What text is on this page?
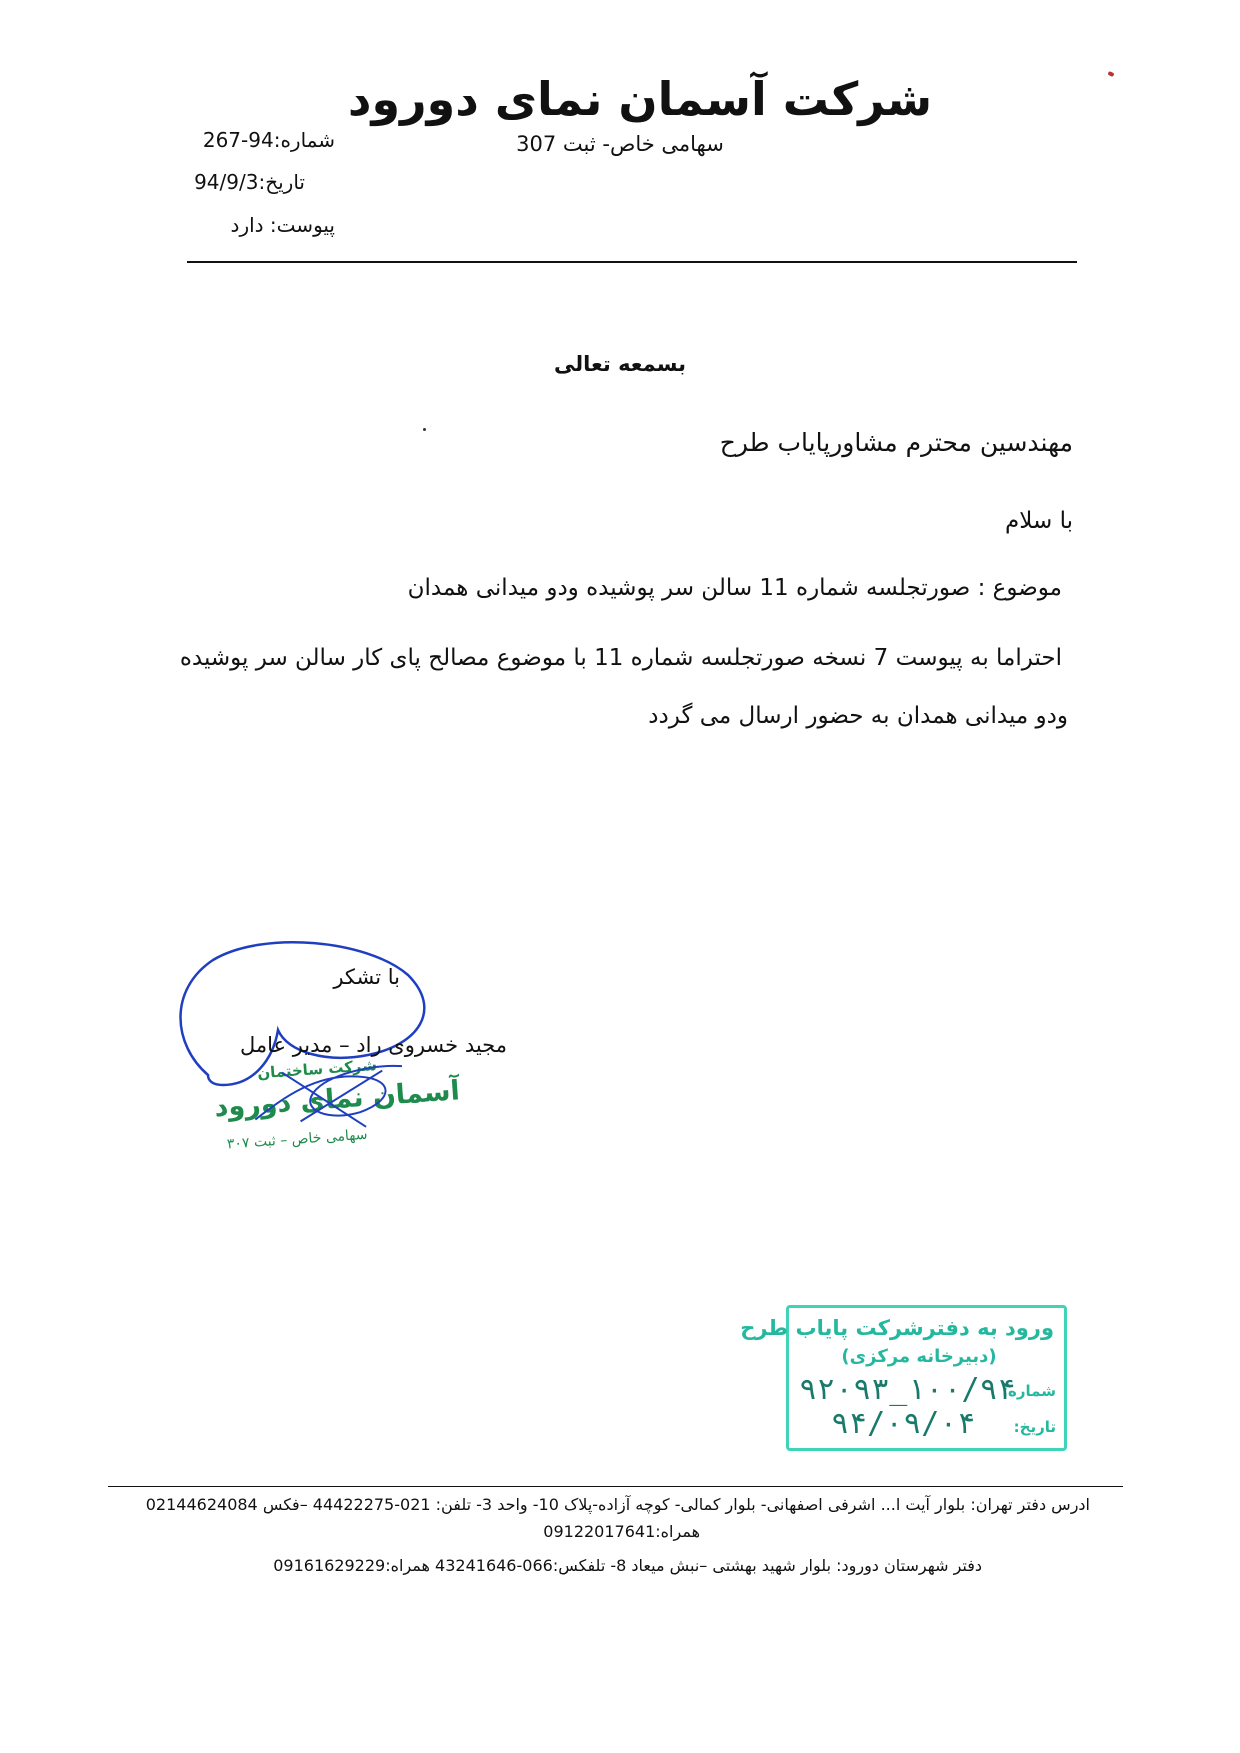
شرکت آسمان نمای دورود
سهامی خاص- ثبت 307
شماره:94-267
تاریخ:94/9/3
پیوست: دارد
بسمعه تعالی
مهندسین محترم مشاورپایاب طرح
با سلام
موضوع : صورتجلسه شماره 11 سالن سر پوشیده ودو میدانی همدان
احتراما به پیوست 7 نسخه صورتجلسه شماره 11 با موضوع مصالح پای کار سالن سر پوشیده
ودو میدانی همدان به حضور ارسال می گردد
با تشکر
مجید خسروی راد – مدیر عامل
شرکت ساختمان
آسمان نمای دورود
سهامی خاص – ثبت ۳۰۷
ورود به دفترشرکت پایاب طرح
(دبیرخانه مرکزی)
شماره:
۹۲۰۹۳_۱۰۰/۹۴
تاریخ:
۹۴/۰۹/۰۴
ادرس دفتر تهران: بلوار آیت ا... اشرفی اصفهانی- بلوار کمالی- کوچه آزاده-پلاک 10- واحد 3- تلفن: 021-44422275 –فکس 02144624084
همراه:09122017641
دفتر شهرستان دورود: بلوار شهید بهشتی –نبش میعاد 8- تلفکس:066-43241646 همراه:09161629229
